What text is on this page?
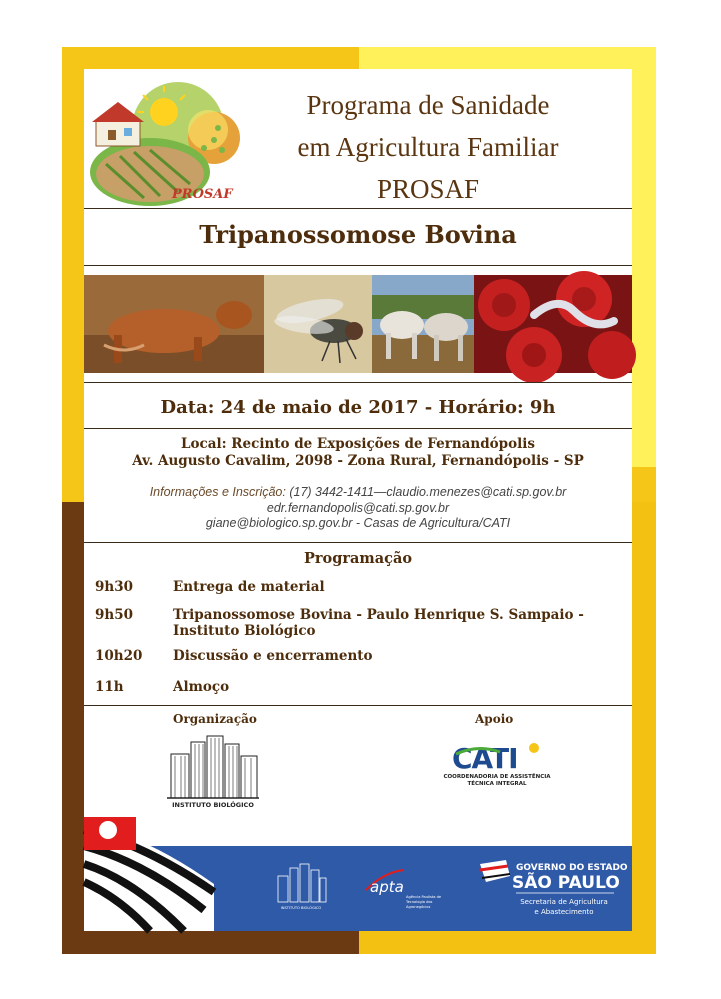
PROSAF
Programa de Sanidade
em Agricultura Familiar
PROSAF
Tripanossomose Bovina
Data: 24 de maio de 2017 - Horário: 9h
Local: Recinto de Exposições de Fernandópolis
Av. Augusto Cavalim, 2098 - Zona Rural, Fernandópolis - SP
Informações e Inscrição: (17) 3442-1411—claudio.menezes@cati.sp.gov.br
edr.fernandopolis@cati.sp.gov.br
giane@biologico.sp.gov.br - Casas de Agricultura/CATI
Programação
9h30	Entrega de material
9h50	Tripanossomose Bovina - Paulo Henrique S. Sampaio - Instituto Biológico
10h20	Discussão e encerramento
11h	Almoço
Organização	Apoio
INSTITUTO BIOLÓGICO
CATI
COORDENADORIA DE ASSISTÊNCIA
TÉCNICA INTEGRAL
INSTITUTO BIOLÓGICO
apta
Agência Paulista de
Tecnologia dos
Agronegócios
GOVERNO DO ESTADO
SÃO PAULO
Secretaria de Agricultura
e Abastecimento
